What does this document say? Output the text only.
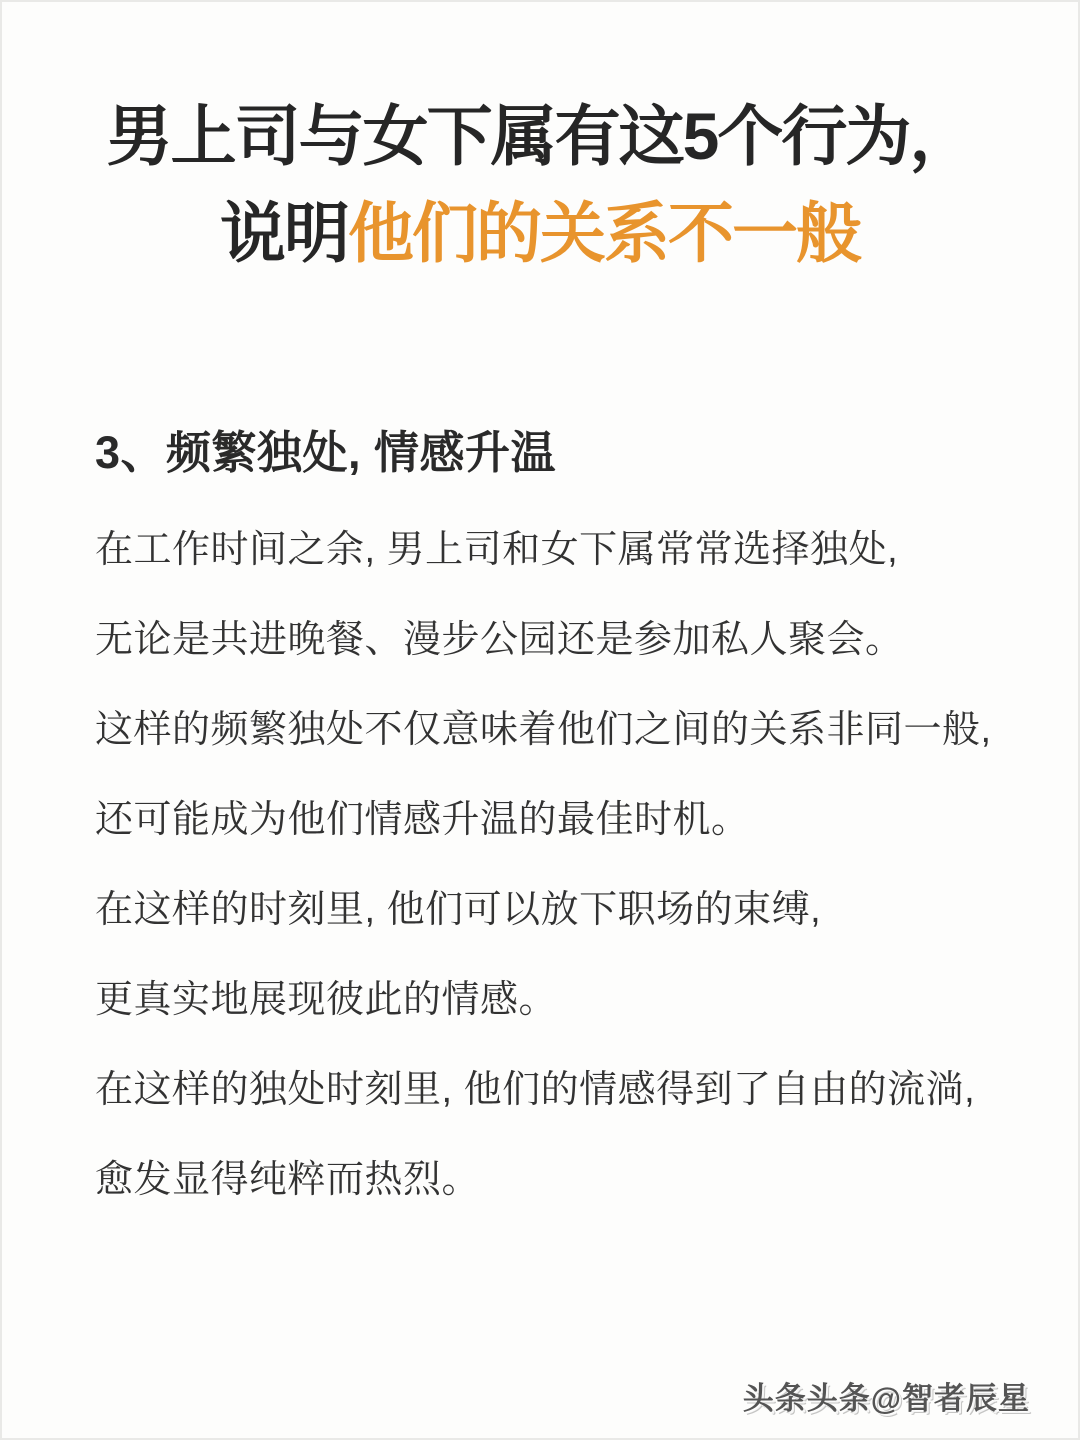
男上司与女下属有这5个行为，
说明他们的关系不一般
3、频繁独处, 情感升温
在工作时间之余, 男上司和女下属常常选择独处,
无论是共进晚餐、漫步公园还是参加私人聚会。
这样的频繁独处不仅意味着他们之间的关系非同一般,
还可能成为他们情感升温的最佳时机。
在这样的时刻里, 他们可以放下职场的束缚,
更真实地展现彼此的情感。
在这样的独处时刻里, 他们的情感得到了自由的流淌,
愈发显得纯粹而热烈。
头条头条@智者辰星
